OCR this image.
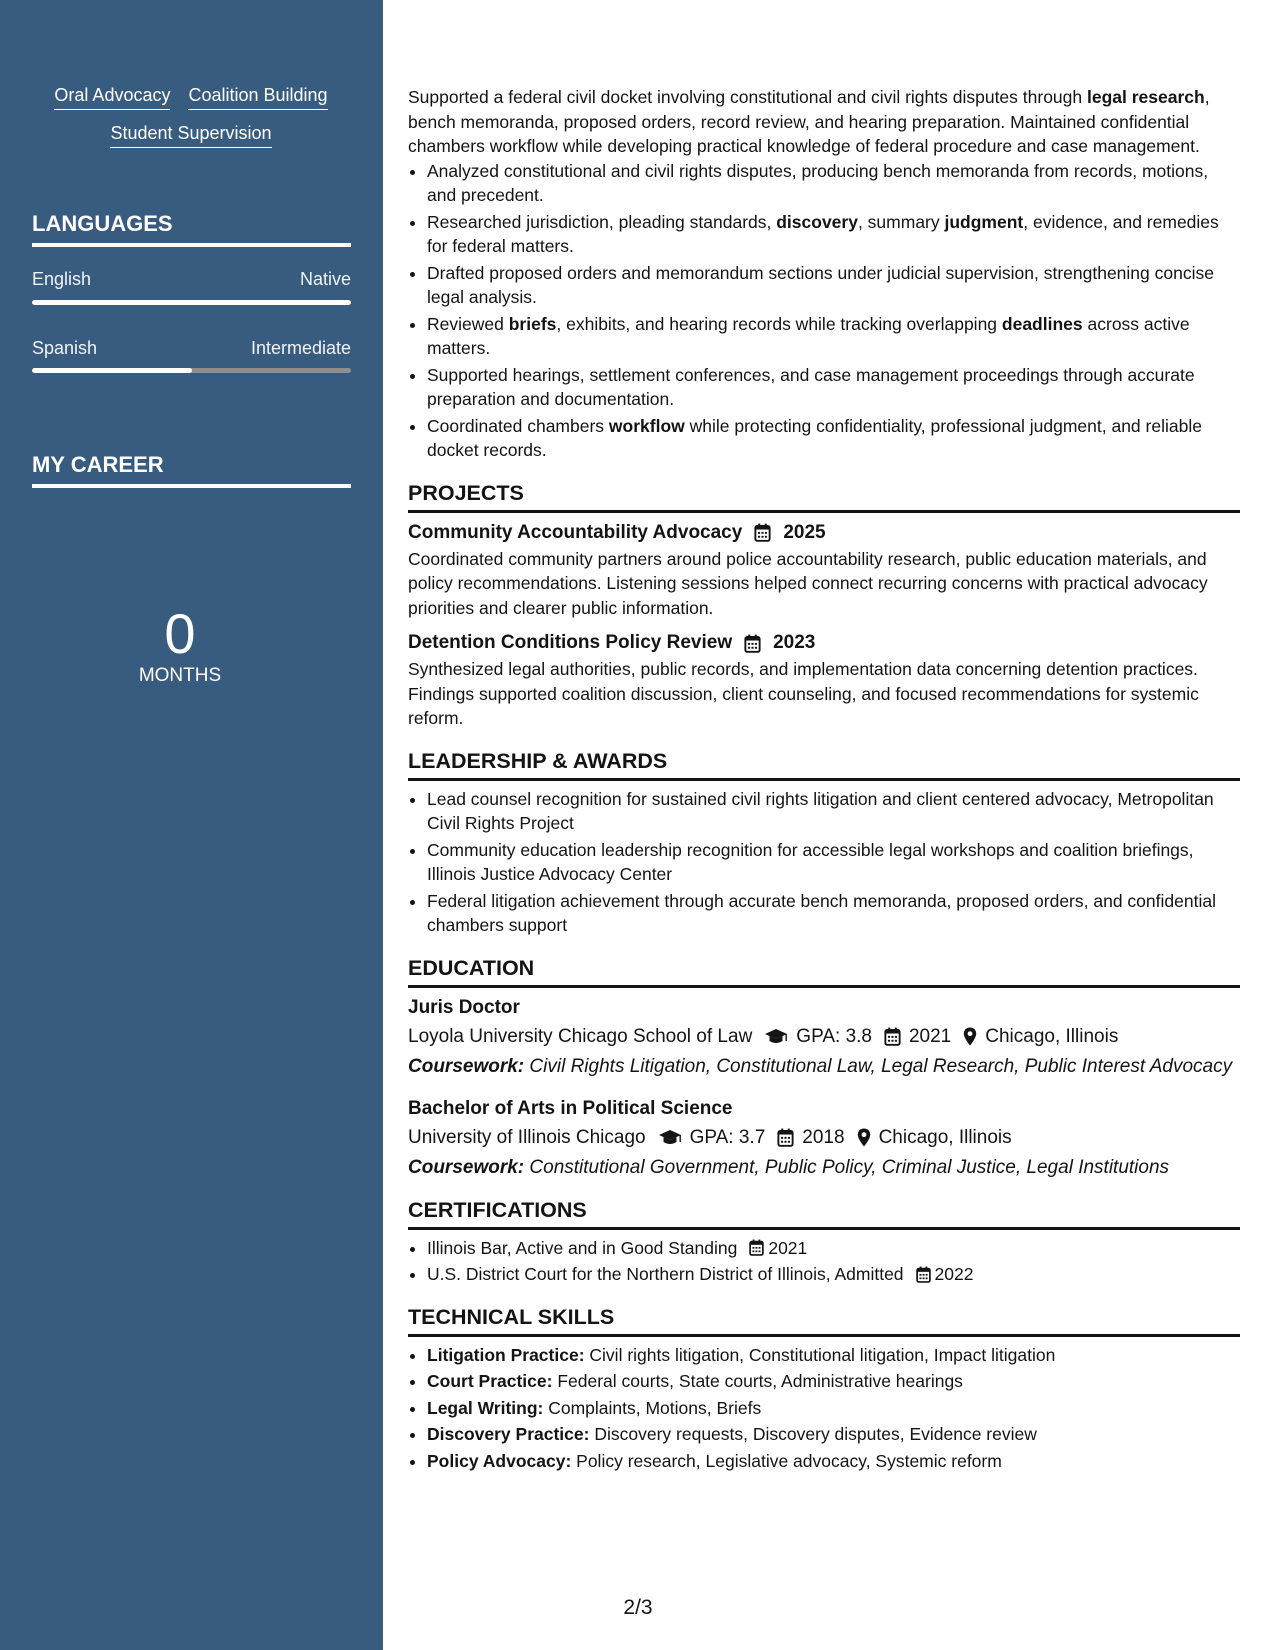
Oral Advocacy Coalition Building
Student Supervision
LANGUAGES
English	Native
Spanish	Intermediate
MY CAREER
0
MONTHS

Supported a federal civil docket involving constitutional and civil rights disputes through legal research, bench memoranda, proposed orders, record review, and hearing preparation. Maintained confidential chambers workflow while developing practical knowledge of federal procedure and case management.

• Analyzed constitutional and civil rights disputes, producing bench memoranda from records, motions, and precedent.
• Researched jurisdiction, pleading standards, discovery, summary judgment, evidence, and remedies for federal matters.
• Drafted proposed orders and memorandum sections under judicial supervision, strengthening concise legal analysis.
• Reviewed briefs, exhibits, and hearing records while tracking overlapping deadlines across active matters.
• Supported hearings, settlement conferences, and case management proceedings through accurate preparation and documentation.
• Coordinated chambers workflow while protecting confidentiality, professional judgment, and reliable docket records.
PROJECTS
Community Accountability Advocacy 2025

Coordinated community partners around police accountability research, public education materials, and policy recommendations. Listening sessions helped connect recurring concerns with practical advocacy priorities and clearer public information.

Detention Conditions Policy Review 2023

Synthesized legal authorities, public records, and implementation data concerning detention practices. Findings supported coalition discussion, client counseling, and focused recommendations for systemic reform.

LEADERSHIP & AWARDS
• Lead counsel recognition for sustained civil rights litigation and client centered advocacy, Metropolitan Civil Rights Project
• Community education leadership recognition for accessible legal workshops and coalition briefings, Illinois Justice Advocacy Center
• Federal litigation achievement through accurate bench memoranda, proposed orders, and confidential chambers support
EDUCATION
Juris Doctor
Loyola University Chicago School of Law GPA: 3.8 2021 Chicago, Illinois
Coursework: Civil Rights Litigation, Constitutional Law, Legal Research, Public Interest Advocacy
Bachelor of Arts in Political Science
University of Illinois Chicago GPA: 3.7 2018 Chicago, Illinois
Coursework: Constitutional Government, Public Policy, Criminal Justice, Legal Institutions
CERTIFICATIONS
• Illinois Bar, Active and in Good Standing 2021
• U.S. District Court for the Northern District of Illinois, Admitted 2022
TECHNICAL SKILLS
• Litigation Practice: Civil rights litigation, Constitutional litigation, Impact litigation
• Court Practice: Federal courts, State courts, Administrative hearings
• Legal Writing: Complaints, Motions, Briefs
• Discovery Practice: Discovery requests, Discovery disputes, Evidence review
• Policy Advocacy: Policy research, Legislative advocacy, Systemic reform
2/3
